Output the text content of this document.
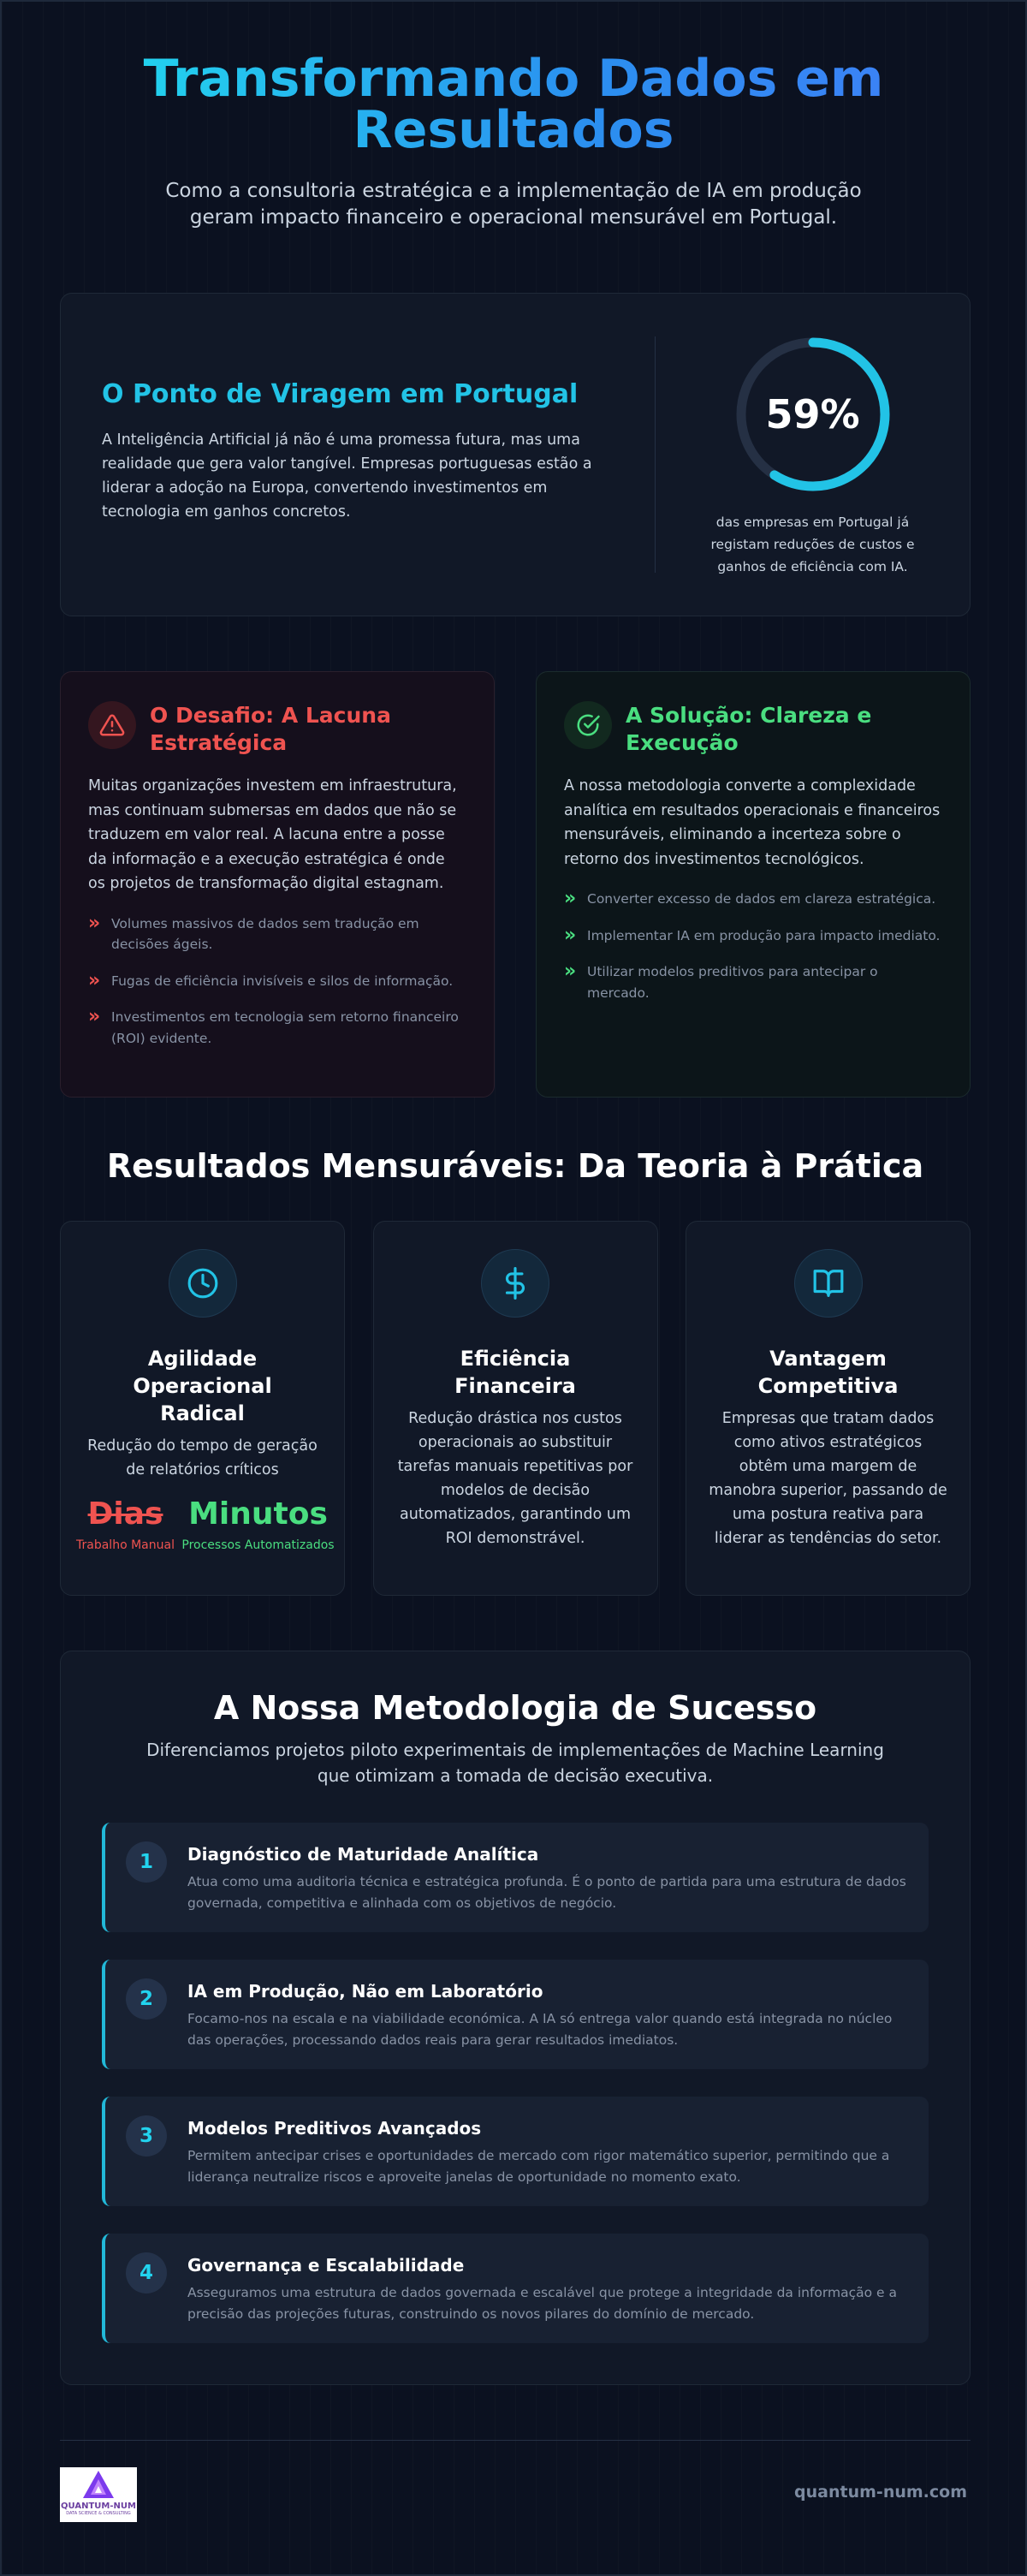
Transformando Dados em Resultados

Como a consultoria estratégica e a implementação de IA em produção geram impacto financeiro e operacional mensurável em Portugal.

O Ponto de Viragem em Portugal

A Inteligência Artificial já não é uma promessa futura, mas uma realidade que gera valor tangível. Empresas portuguesas estão a liderar a adoção na Europa, convertendo investimentos em tecnologia em ganhos concretos.

59%
das empresas em Portugal já registam reduções de custos e ganhos de eficiência com IA.
O Desafio: A Lacuna Estratégica

Muitas organizações investem em infraestrutura, mas continuam submersas em dados que não se traduzem em valor real. A lacuna entre a posse da informação e a execução estratégica é onde os projetos de transformação digital estagnam.

» Volumes massivos de dados sem tradução em decisões ágeis.
» Fugas de eficiência invisíveis e silos de informação.
» Investimentos em tecnologia sem retorno financeiro (ROI) evidente.
A Solução: Clareza e Execução

A nossa metodologia converte a complexidade analítica em resultados operacionais e financeiros mensuráveis, eliminando a incerteza sobre o retorno dos investimentos tecnológicos.

» Converter excesso de dados em clareza estratégica.
» Implementar IA em produção para impacto imediato.
» Utilizar modelos preditivos para antecipar o mercado.
Resultados Mensuráveis: Da Teoria à Prática
Agilidade Operacional Radical

Redução do tempo de geração de relatórios críticos

Dias
Trabalho Manual
Minutos
Processos Automatizados
Eficiência Financeira

Redução drástica nos custos operacionais ao substituir tarefas manuais repetitivas por modelos de decisão automatizados, garantindo um ROI demonstrável.

Vantagem Competitiva

Empresas que tratam dados como ativos estratégicos obtêm uma margem de manobra superior, passando de uma postura reativa para liderar as tendências do setor.

A Nossa Metodologia de Sucesso

Diferenciamos projetos piloto experimentais de implementações de Machine Learning que otimizam a tomada de decisão executiva.

1	Diagnóstico de Maturidade Analítica

Atua como uma auditoria técnica e estratégica profunda. É o ponto de partida para uma estrutura de dados governada, competitiva e alinhada com os objetivos de negócio.

2	IA em Produção, Não em Laboratório

Focamo-nos na escala e na viabilidade económica. A IA só entrega valor quando está integrada no núcleo das operações, processando dados reais para gerar resultados imediatos.

3	Modelos Preditivos Avançados

Permitem antecipar crises e oportunidades de mercado com rigor matemático superior, permitindo que a liderança neutralize riscos e aproveite janelas de oportunidade no momento exato.

4	Governança e Escalabilidade

Asseguramos uma estrutura de dados governada e escalável que protege a integridade da informação e a precisão das projeções futuras, construindo os novos pilares do domínio de mercado.

QUANTUM-NUM
DATA SCIENCE & CONSULTING
quantum-num.com
